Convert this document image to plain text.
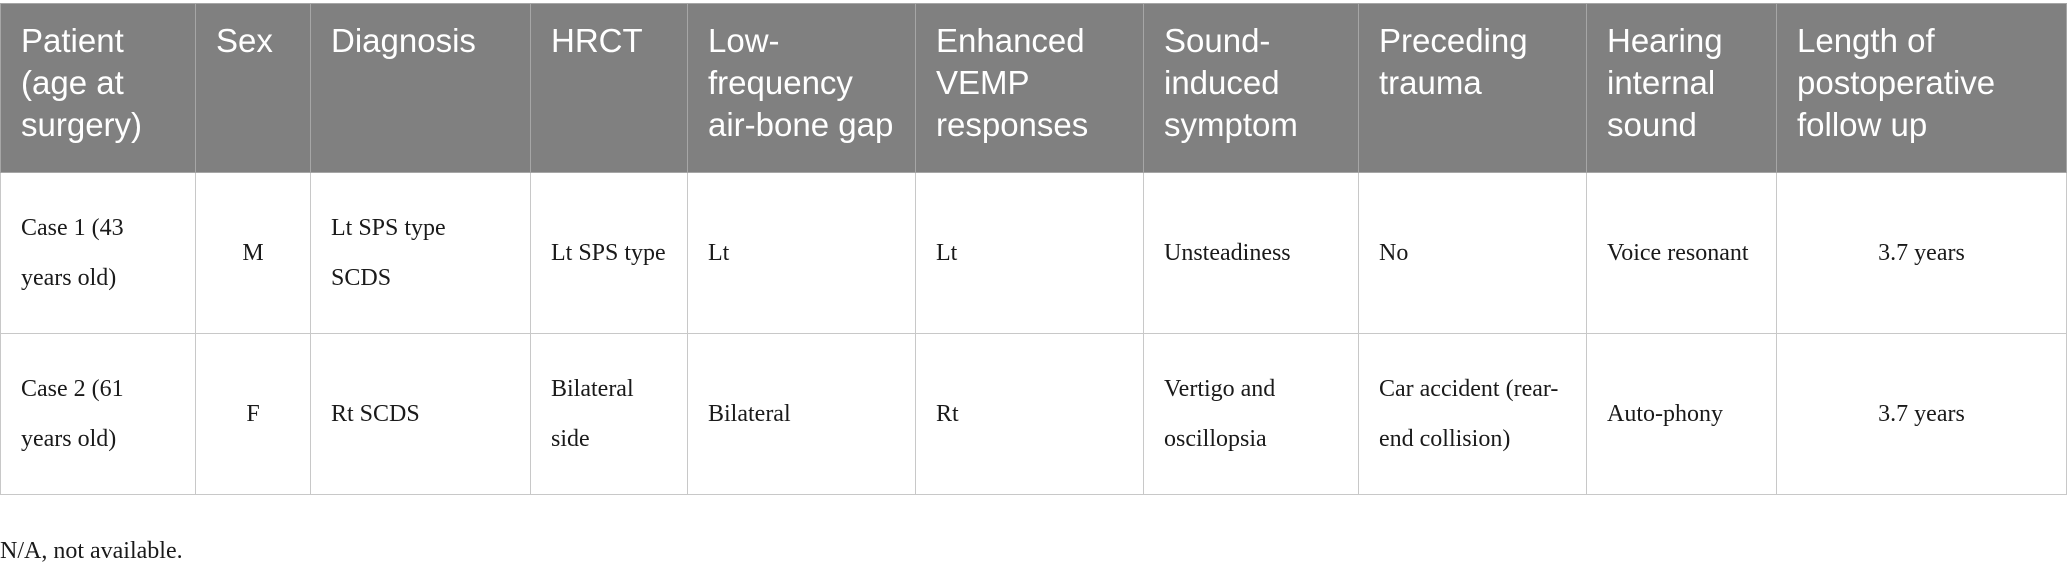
Patient (age at surgery)	Sex	Diagnosis	HRCT	Low-frequency air-bone gap	Enhanced VEMP responses	Sound-induced symptom	Preceding trauma	Hearing internal sound	Length of postoperative follow up
Case 1 (43 years old)	M	Lt SPS type SCDS	Lt SPS type	Lt	Lt	Unsteadiness	No	Voice resonant	3.7 years
Case 2 (61 years old)	F	Rt SCDS	Bilateral side	Bilateral	Rt	Vertigo and oscillopsia	Car accident (rear-end collision)	Auto-phony	3.7 years

N/A, not available.
